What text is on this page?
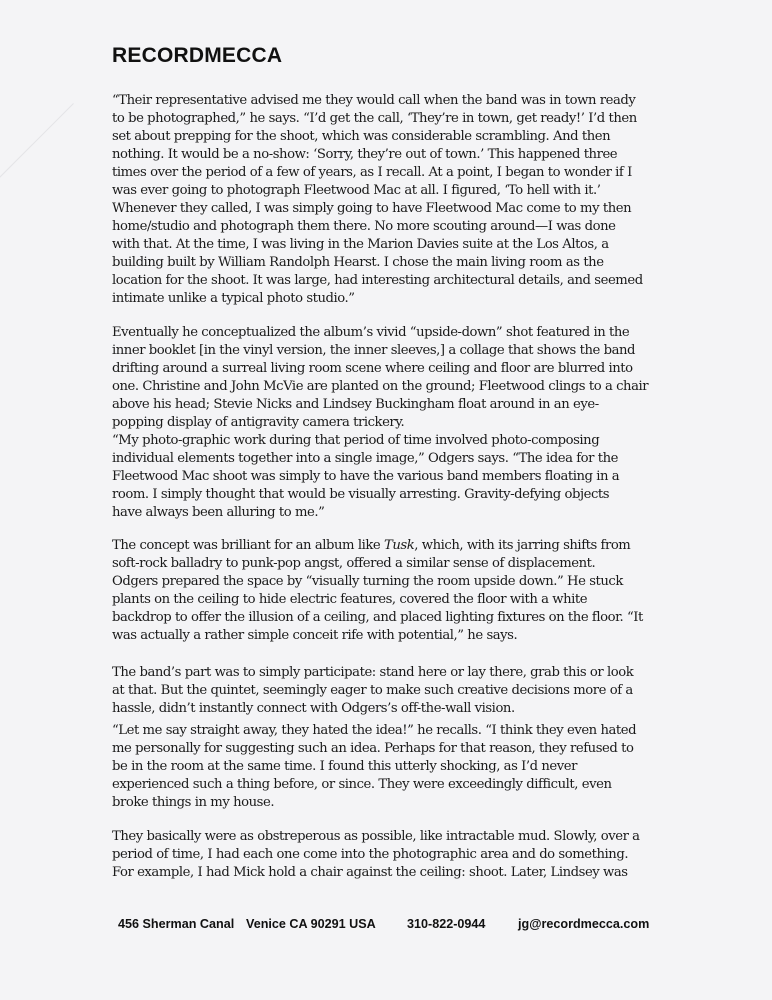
RECORDMECCA
“Their representative advised me they would call when the band was in town ready
to be photographed,” he says. “I’d get the call, ‘They’re in town, get ready!’ I’d then
set about prepping for the shoot, which was considerable scrambling. And then
nothing. It would be a no-show: ‘Sorry, they’re out of town.’ This happened three
times over the period of a few of years, as I recall. At a point, I began to wonder if I
was ever going to photograph Fleetwood Mac at all. I figured, ‘To hell with it.’
Whenever they called, I was simply going to have Fleetwood Mac come to my then
home/studio and photograph them there. No more scouting around—I was done
with that. At the time, I was living in the Marion Davies suite at the Los Altos, a
building built by William Randolph Hearst. I chose the main living room as the
location for the shoot. It was large, had interesting architectural details, and seemed
intimate unlike a typical photo studio.”
Eventually he conceptualized the album’s vivid “upside-down” shot featured in the
inner booklet [in the vinyl version, the inner sleeves,] a collage that shows the band
drifting around a surreal living room scene where ceiling and floor are blurred into
one. Christine and John McVie are planted on the ground; Fleetwood clings to a chair
above his head; Stevie Nicks and Lindsey Buckingham float around in an eye-
popping display of antigravity camera trickery.
“My photo-graphic work during that period of time involved photo-composing
individual elements together into a single image,” Odgers says. “The idea for the
Fleetwood Mac shoot was simply to have the various band members floating in a
room. I simply thought that would be visually arresting. Gravity-defying objects
have always been alluring to me.”
The concept was brilliant for an album like Tusk, which, with its jarring shifts from
soft-rock balladry to punk-pop angst, offered a similar sense of displacement.
Odgers prepared the space by “visually turning the room upside down.” He stuck
plants on the ceiling to hide electric features, covered the floor with a white
backdrop to offer the illusion of a ceiling, and placed lighting fixtures on the floor. “It
was actually a rather simple conceit rife with potential,” he says.
The band’s part was to simply participate: stand here or lay there, grab this or look
at that. But the quintet, seemingly eager to make such creative decisions more of a
hassle, didn’t instantly connect with Odgers’s off-the-wall vision.
“Let me say straight away, they hated the idea!” he recalls. “I think they even hated
me personally for suggesting such an idea. Perhaps for that reason, they refused to
be in the room at the same time. I found this utterly shocking, as I’d never
experienced such a thing before, or since. They were exceedingly difficult, even
broke things in my house.
They basically were as obstreperous as possible, like intractable mud. Slowly, over a
period of time, I had each one come into the photographic area and do something.
For example, I had Mick hold a chair against the ceiling: shoot. Later, Lindsey was
456 Sherman Canal Venice CA 90291 USA 310-822-0944	jg@recordmecca.com
